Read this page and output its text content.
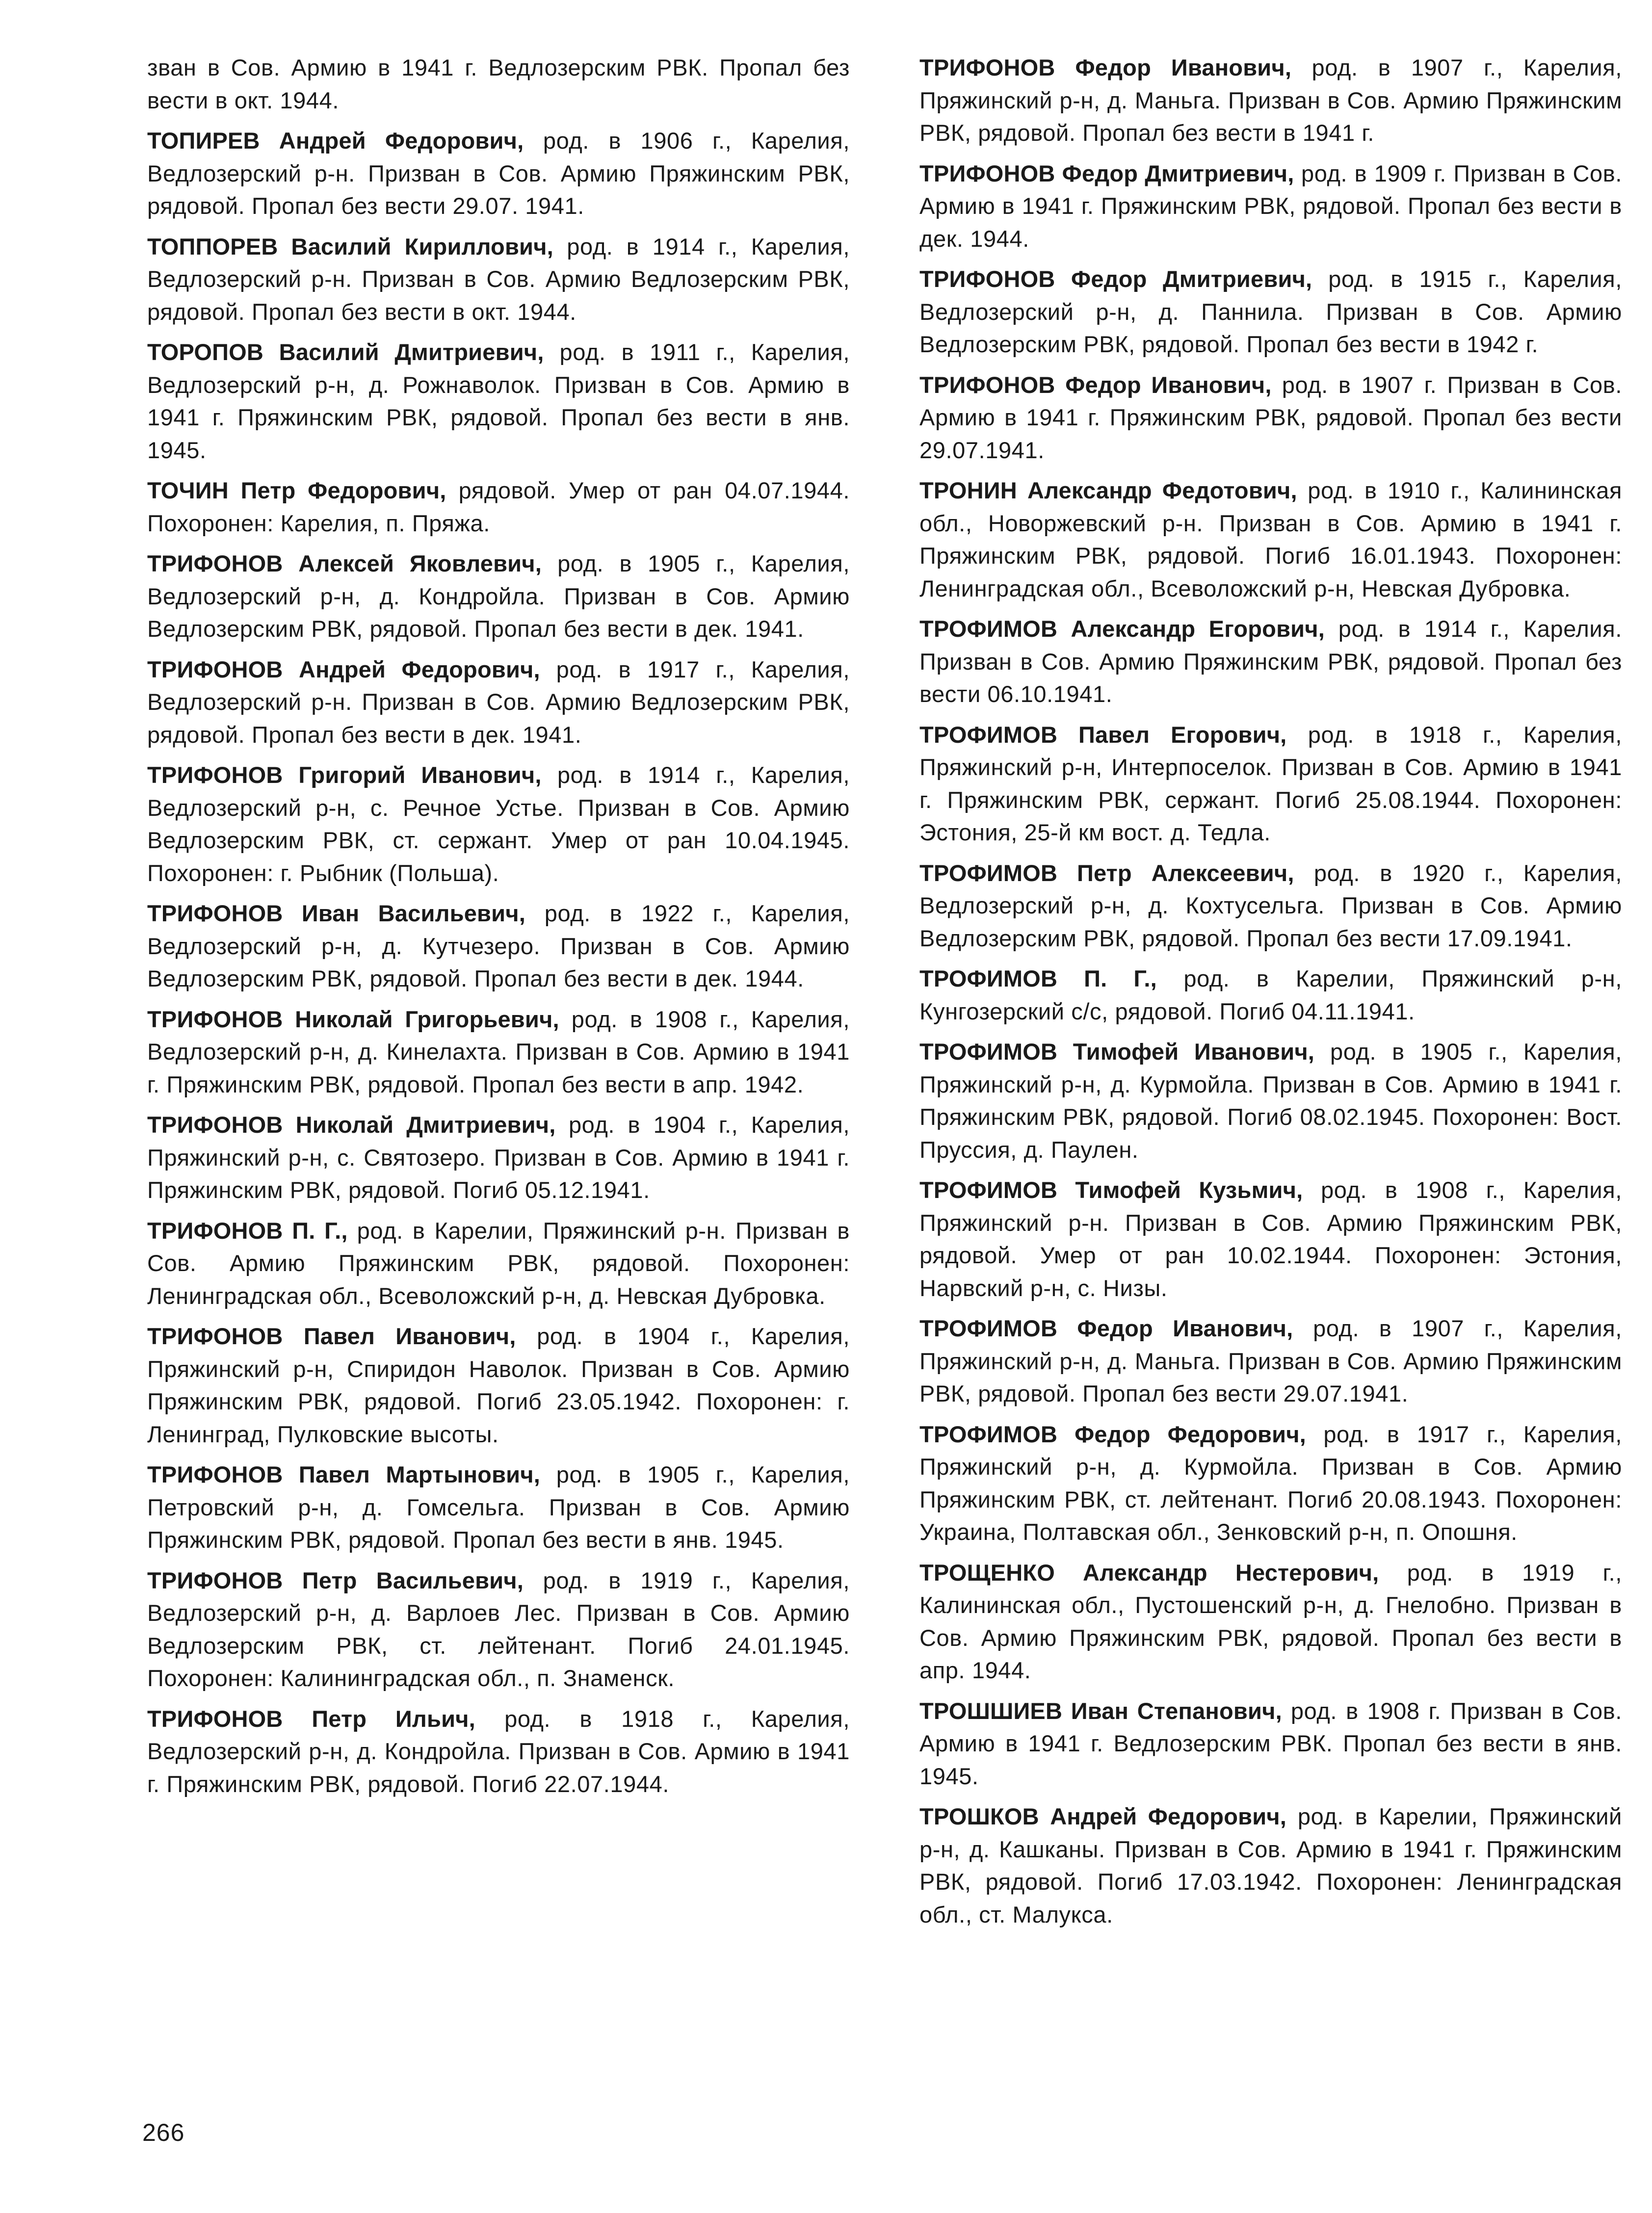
зван в Сов. Армию в 1941 г. Ведлозерским РВК. Пропал без вести в окт. 1944.

ТОПИРЕВ Андрей Федорович, род. в 1906 г., Карелия, Ведлозерский р-н. Призван в Сов. Армию Пряжинским РВК, рядовой. Пропал без вести 29.07. 1941.

ТОППОРЕВ Василий Кириллович, род. в 1914 г., Карелия, Ведлозерский р-н. Призван в Сов. Армию Ведлозерским РВК, рядовой. Пропал без вести в окт. 1944.

ТОРОПОВ Василий Дмитриевич, род. в 1911 г., Карелия, Ведлозерский р-н, д. Рожнаволок. Призван в Сов. Армию в 1941 г. Пряжинским РВК, рядовой. Пропал без вести в янв. 1945.

ТОЧИН Петр Федорович, рядовой. Умер от ран 04.07.1944. Похоронен: Карелия, п. Пряжа.

ТРИФОНОВ Алексей Яковлевич, род. в 1905 г., Карелия, Ведлозерский р-н, д. Кондройла. Призван в Сов. Армию Ведлозерским РВК, рядовой. Пропал без вести в дек. 1941.

ТРИФОНОВ Андрей Федорович, род. в 1917 г., Карелия, Ведлозерский р-н. Призван в Сов. Армию Ведлозерским РВК, рядовой. Пропал без вести в дек. 1941.

ТРИФОНОВ Григорий Иванович, род. в 1914 г., Карелия, Ведлозерский р-н, с. Речное Устье. Призван в Сов. Армию Ведлозерским РВК, ст. сержант. Умер от ран 10.04.1945. Похоронен: г. Рыбник (Польша).

ТРИФОНОВ Иван Васильевич, род. в 1922 г., Карелия, Ведлозерский р-н, д. Кутчезеро. Призван в Сов. Армию Ведлозерским РВК, рядовой. Пропал без вести в дек. 1944.

ТРИФОНОВ Николай Григорьевич, род. в 1908 г., Карелия, Ведлозерский р-н, д. Кинелахта. Призван в Сов. Армию в 1941 г. Пряжинским РВК, рядовой. Пропал без вести в апр. 1942.

ТРИФОНОВ Николай Дмитриевич, род. в 1904 г., Карелия, Пряжинский р-н, с. Святозеро. Призван в Сов. Армию в 1941 г. Пряжинским РВК, рядовой. Погиб 05.12.1941.

ТРИФОНОВ П. Г., род. в Карелии, Пряжинский р-н. Призван в Сов. Армию Пряжинским РВК, рядовой. Похоронен: Ленинградская обл., Всеволожский р-н, д. Невская Дубровка.

ТРИФОНОВ Павел Иванович, род. в 1904 г., Карелия, Пряжинский р-н, Спиридон Наволок. Призван в Сов. Армию Пряжинским РВК, рядовой. Погиб 23.05.1942. Похоронен: г. Ленинград, Пулковские высоты.

ТРИФОНОВ Павел Мартынович, род. в 1905 г., Карелия, Петровский р-н, д. Гомсельга. Призван в Сов. Армию Пряжинским РВК, рядовой. Пропал без вести в янв. 1945.

ТРИФОНОВ Петр Васильевич, род. в 1919 г., Карелия, Ведлозерский р-н, д. Варлоев Лес. Призван в Сов. Армию Ведлозерским РВК, ст. лейтенант. Погиб 24.01.1945. Похоронен: Калининградская обл., п. Знаменск.

ТРИФОНОВ Петр Ильич, род. в 1918 г., Карелия, Ведлозерский р-н, д. Кондройла. Призван в Сов. Армию в 1941 г. Пряжинским РВК, рядовой. Погиб 22.07.1944.

ТРИФОНОВ Федор Иванович, род. в 1907 г., Карелия, Пряжинский р-н, д. Маньга. Призван в Сов. Армию Пряжинским РВК, рядовой. Пропал без вести в 1941 г.

ТРИФОНОВ Федор Дмитриевич, род. в 1909 г. Призван в Сов. Армию в 1941 г. Пряжинским РВК, рядовой. Пропал без вести в дек. 1944.

ТРИФОНОВ Федор Дмитриевич, род. в 1915 г., Карелия, Ведлозерский р-н, д. Паннила. Призван в Сов. Армию Ведлозерским РВК, рядовой. Пропал без вести в 1942 г.

ТРИФОНОВ Федор Иванович, род. в 1907 г. Призван в Сов. Армию в 1941 г. Пряжинским РВК, рядовой. Пропал без вести 29.07.1941.

ТРОНИН Александр Федотович, род. в 1910 г., Калининская обл., Новоржевский р-н. Призван в Сов. Армию в 1941 г. Пряжинским РВК, рядовой. Погиб 16.01.1943. Похоронен: Ленинградская обл., Всеволожский р-н, Невская Дубровка.

ТРОФИМОВ Александр Егорович, род. в 1914 г., Карелия. Призван в Сов. Армию Пряжинским РВК, рядовой. Пропал без вести 06.10.1941.

ТРОФИМОВ Павел Егорович, род. в 1918 г., Карелия, Пряжинский р-н, Интерпоселок. Призван в Сов. Армию в 1941 г. Пряжинским РВК, сержант. Погиб 25.08.1944. Похоронен: Эстония, 25-й км вост. д. Тедла.

ТРОФИМОВ Петр Алексеевич, род. в 1920 г., Карелия, Ведлозерский р-н, д. Кохтусельга. Призван в Сов. Армию Ведлозерским РВК, рядовой. Пропал без вести 17.09.1941.

ТРОФИМОВ П. Г., род. в Карелии, Пряжинский р-н, Кунгозерский с/с, рядовой. Погиб 04.11.1941.

ТРОФИМОВ Тимофей Иванович, род. в 1905 г., Карелия, Пряжинский р-н, д. Курмойла. Призван в Сов. Армию в 1941 г. Пряжинским РВК, рядовой. Погиб 08.02.1945. Похоронен: Вост. Пруссия, д. Паулен.

ТРОФИМОВ Тимофей Кузьмич, род. в 1908 г., Карелия, Пряжинский р-н. Призван в Сов. Армию Пряжинским РВК, рядовой. Умер от ран 10.02.1944. Похоронен: Эстония, Нарвский р-н, с. Низы.

ТРОФИМОВ Федор Иванович, род. в 1907 г., Карелия, Пряжинский р-н, д. Маньга. Призван в Сов. Армию Пряжинским РВК, рядовой. Пропал без вести 29.07.1941.

ТРОФИМОВ Федор Федорович, род. в 1917 г., Карелия, Пряжинский р-н, д. Курмойла. Призван в Сов. Армию Пряжинским РВК, ст. лейтенант. Погиб 20.08.1943. Похоронен: Украина, Полтавская обл., Зенковский р-н, п. Опошня.

ТРОЩЕНКО Александр Нестерович, род. в 1919 г., Калининская обл., Пустошенский р-н, д. Гнелобно. Призван в Сов. Армию Пряжинским РВК, рядовой. Пропал без вести в апр. 1944.

ТРОШШИЕВ Иван Степанович, род. в 1908 г. Призван в Сов. Армию в 1941 г. Ведлозерским РВК. Пропал без вести в янв. 1945.

ТРОШКОВ Андрей Федорович, род. в Карелии, Пряжинский р-н, д. Кашканы. Призван в Сов. Армию в 1941 г. Пряжинским РВК, рядовой. Погиб 17.03.1942. Похоронен: Ленинградская обл., ст. Малукса.

266
